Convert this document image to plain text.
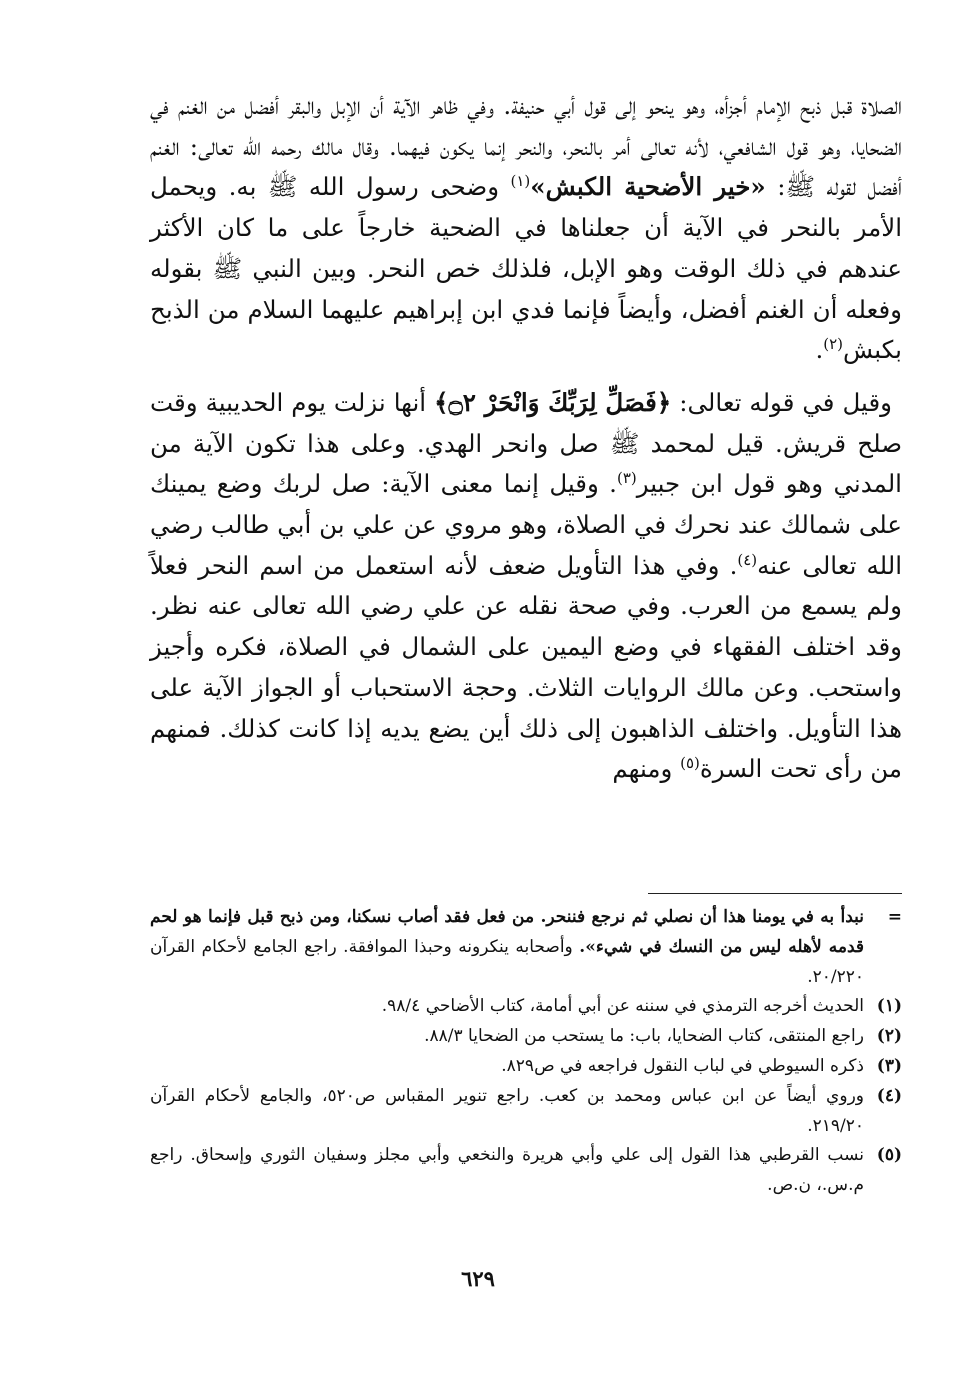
الصلاة قبل ذبح الإمام أجزأه، وهو ينحو إلى قول أبي حنيفة. وفي ظاهر الآية أن الإبل والبقر أفضل من الغنم في الضحايا، وهو قول الشافعي، لأنه تعالى أمر بالنحر، والنحر إنما يكون فيهما. وقال مالك رحمه الله تعالى: الغنم أفضل لقوله ﷺ: «خير الأضحية الكبش»$^{(١)}$ وضحى رسول الله ﷺ به. ويحمل الأمر بالنحر في الآية أن جعلناها في الضحية خارجاً على ما كان الأكثر عندهم في ذلك الوقت وهو الإبل، فلذلك خص النحر. وبين النبي ﷺ بقوله وفعله أن الغنم أفضل، وأيضاً فإنما فدي ابن إبراهيم عليهما السلام من الذبح بكبش$^{(٢)}$.

وقيل في قوله تعالى: ﴿فَصَلِّ لِرَبِّكَ وَانْحَرْ ۝٢﴾ أنها نزلت يوم الحديبية وقت صلح قريش. قيل لمحمد ﷺ صل وانحر الهدي. وعلى هذا تكون الآية من المدني وهو قول ابن جبير$^{(٣)}$. وقيل إنما معنى الآية: صل لربك وضع يمينك على شمالك عند نحرك في الصلاة، وهو مروي عن علي بن أبي طالب رضي الله تعالى عنه$^{(٤)}$. وفي هذا التأويل ضعف لأنه استعمل من اسم النحر فعلاً ولم يسمع من العرب. وفي صحة نقله عن علي رضي الله تعالى عنه نظر. وقد اختلف الفقهاء في وضع اليمين على الشمال في الصلاة، فكره وأجيز واستحب. وعن مالك الروايات الثلاث. وحجة الاستحباب أو الجواز الآية على هذا التأويل. واختلف الذاهبون إلى ذلك أين يضع يديه إذا كانت كذلك. فمنهم من رأى تحت السرة$^{(٥)}$ ومنهم

=
نبدأ به في يومنا هذا أن نصلي ثم نرجع فننحر. من فعل فقد أصاب نسكنا، ومن ذبح قبل فإنما هو لحم قدمه لأهله ليس من النسك في شيء». وأصحابه ينكرونه وحبذا الموافقة. راجع الجامع لأحكام القرآن ٢٠/٢٢٠.
(١)
الحديث أخرجه الترمذي في سننه عن أبي أمامة، كتاب الأضاحي ٩٨/٤.
(٢)
راجع المنتقى، كتاب الضحايا، باب: ما يستحب من الضحايا ٨٨/٣.
(٣)
ذكره السيوطي في لباب النقول فراجعه في ص٨٢٩.
(٤)
وروي أيضاً عن ابن عباس ومحمد بن كعب. راجع تنوير المقباس ص٥٢٠، والجامع لأحكام القرآن ٢١٩/٢٠.
(٥)
نسب القرطبي هذا القول إلى علي وأبي هريرة والنخعي وأبي مجلز وسفيان الثوري وإسحاق. راجع م.س.، ن.ص.
٦٢٩
